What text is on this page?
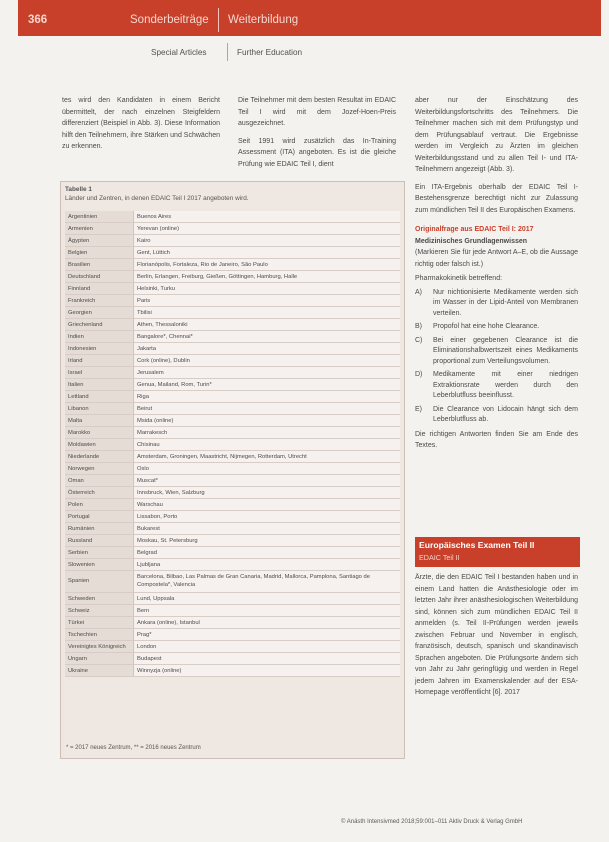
366	Sonderbeiträge Weiterbildung
Special Articles	Further Education

tes wird den Kandidaten in einem Bericht übermittelt, der nach einzelnen Steigfeldern differenziert (Beispiel in Abb. 3). Diese Information hilft den Teilnehmern, ihre Stärken und Schwächen zu erkennen.

Die Teilnehmer mit dem besten Resultat im EDAIC Teil I wird mit dem Jozef-Hoen-Preis ausgezeichnet.

Seit 1991 wird zusätzlich das In-Training Assessment (ITA) angeboten. Es ist die gleiche Prüfung wie EDAIC Teil I, dient

aber nur der Einschätzung des Weiterbildungsfortschritts des Teilnehmers. Die Teilnehmer machen sich mit dem Prüfungstyp und dem Prüfungsablauf vertraut. Die Ergebnisse werden im Vergleich zu Ärzten im gleichen Weiterbildungsstand und zu allen Teil I- und ITA-Teilnehmern angezeigt (Abb. 3).

Ein ITA-Ergebnis oberhalb der EDAIC Teil I-Bestehensgrenze berechtigt nicht zur Zulassung zum mündlichen Teil II des Europäischen Examens.

Originalfrage aus EDAIC Teil I: 2017

Medizinisches Grundlagenwissen

(Markieren Sie für jede Antwort A–E, ob die Aussage richtig oder falsch ist.)

Pharmakokinetik betreffend:

A) Nur nichtionisierte Medikamente werden sich im Wasser in der Lipid-Anteil von Membranen verteilen.
B) Propofol hat eine hohe Clearance.
C) Bei einer gegebenen Clearance ist die Eliminationshalbwertszeit eines Medikaments proportional zum Verteilungsvolumen.
D) Medikamente mit einer niedrigen Extraktionsrate werden durch den Leberblutfluss beeinflusst.
E) Die Clearance von Lidocain hängt sich dem Leberblutfluss ab.

Die richtigen Antworten finden Sie am Ende des Textes.

Europäisches Examen Teil II
EDAIC Teil II

Ärzte, die den EDAIC Teil I bestanden haben und in einem Land hatten die Anästhesiologie oder im letzten Jahr ihrer anästhesiologischen Weiterbildung sind, können sich zum mündlichen EDAIC Teil II anmelden (s. Teil II-Prüfungen werden jeweils zwischen Februar und November in englisch, französisch, deutsch, spanisch und skandinavisch Sprachen angeboten. Die Prüfungsorte ändern sich von Jahr zu Jahr geringfügig und werden in Regel jedem Jahren im Examenskalender auf der ESA-Homepage veröffentlicht [6]. 2017

Tabelle 1
Länder und Zentren, in denen EDAIC Teil I 2017 angeboten wird.
Argentinien	Buenos Aires
Armenien	Yerevan (online)
Ägypten	Kairo
Belgien	Gent, Lüttich
Brasilien	Florianópolis, Fortaleza, Rio de Janeiro, São Paulo
Deutschland	Berlin, Erlangen, Freiburg, Gießen, Göttingen, Hamburg, Halle
Finnland	Helsinki, Turku
Frankreich	Paris
Georgien	Tbilisi
Griechenland	Athen, Thessaloniki
Indien	Bangalore*, Chennai*
Indonesien	Jakarta
Irland	Cork (online), Dublin
Israel	Jerusalem
Italien	Genua, Mailand, Rom, Turin*
Lettland	Riga
Libanon	Beirut
Malta	Msida (online)
Marokko	Marrakesch
Moldawien	Chisinau
Niederlande	Amsterdam, Groningen, Maastricht, Nijmegen, Rotterdam, Utrecht
Norwegen	Oslo
Oman	Muscat*
Österreich	Innsbruck, Wien, Salzburg
Polen	Warschau
Portugal	Lissabon, Porto
Rumänien	Bukarest
Russland	Moskau, St. Petersburg
Serbien	Belgrad
Slowenien	Ljubljana
Spanien	Barcelona, Bilbao, Las Palmas de Gran Canaria, Madrid, Mallorca, Pamplona, Santiago de Compostela*, Valencia
Schweden	Lund, Uppsala
Schweiz	Bern
Türkei	Ankara (online), Istanbul
Tschechien	Prag*
Vereinigtes Königreich	London
Ungarn	Budapest
Ukraine	Winnyzja (online)
* = 2017 neues Zentrum, ** = 2016 neues Zentrum
© Anästh Intensivmed 2018;59:001–011 Aktiv Druck & Verlag GmbH
